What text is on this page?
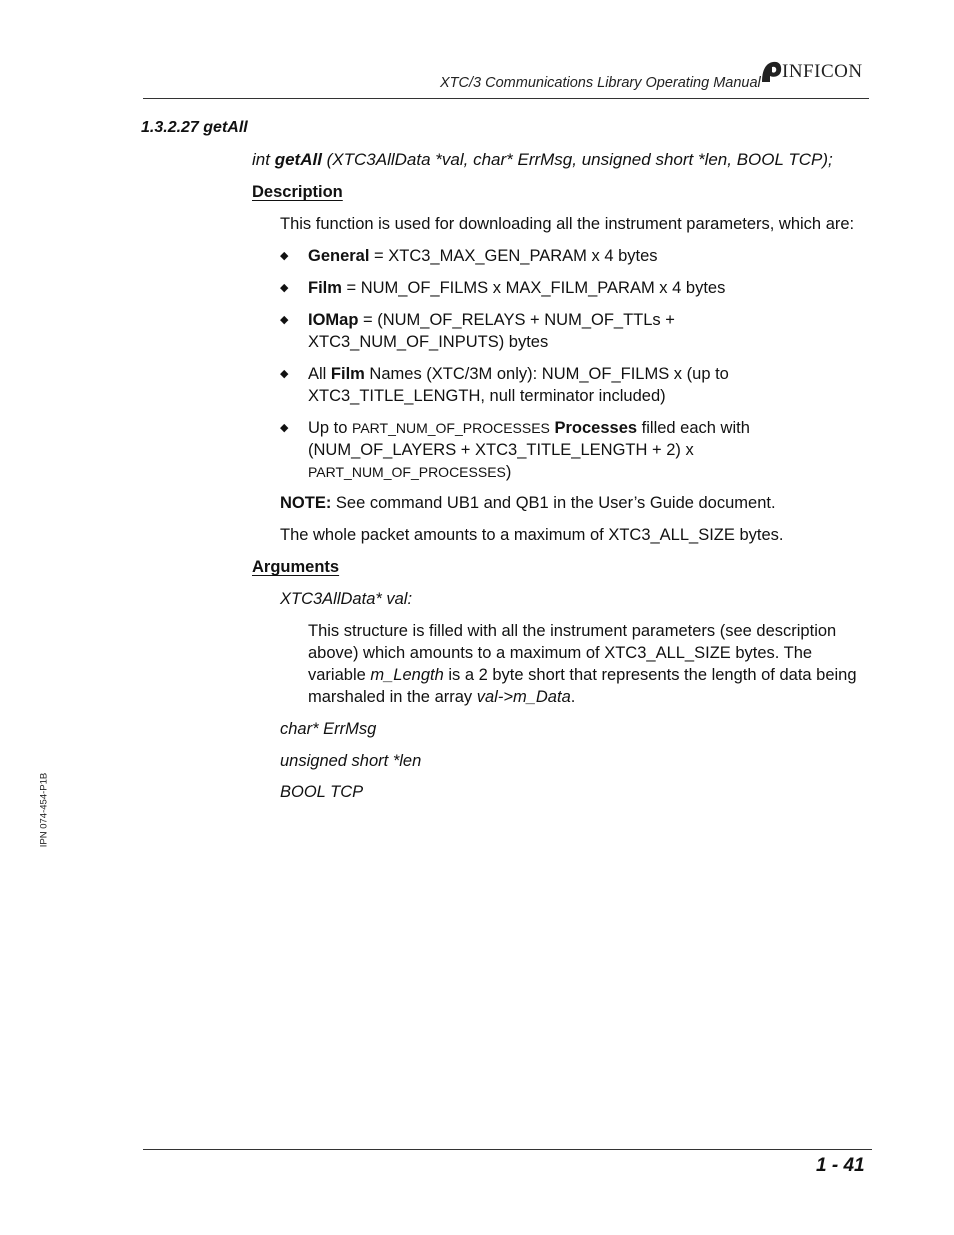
XTC/3 Communications Library Operating Manual
INFICON
1.3.2.27 getAll
int getAll (XTC3AllData *val, char* ErrMsg, unsigned short *len, BOOL TCP);
Description
This function is used for downloading all the instrument parameters, which are:
◆ General = XTC3_MAX_GEN_PARAM x 4 bytes
◆ Film = NUM_OF_FILMS x MAX_FILM_PARAM x 4 bytes
◆ IOMap = (NUM_OF_RELAYS + NUM_OF_TTLs +
XTC3_NUM_OF_INPUTS) bytes
◆ All Film Names (XTC/3M only): NUM_OF_FILMS x (up to
XTC3_TITLE_LENGTH, null terminator included)
◆ Up to PART_NUM_OF_PROCESSES Processes filled each with
(NUM_OF_LAYERS + XTC3_TITLE_LENGTH + 2) x
PART_NUM_OF_PROCESSES)
NOTE: See command UB1 and QB1 in the User’s Guide document.
The whole packet amounts to a maximum of XTC3_ALL_SIZE bytes.
Arguments
XTC3AllData* val:
This structure is filled with all the instrument parameters (see description
above) which amounts to a maximum of XTC3_ALL_SIZE bytes. The
variable m_Length is a 2 byte short that represents the length of data being
marshaled in the array val->m_Data.
char* ErrMsg
unsigned short *len
BOOL TCP
IPN 074-454-P1B
1 - 41
